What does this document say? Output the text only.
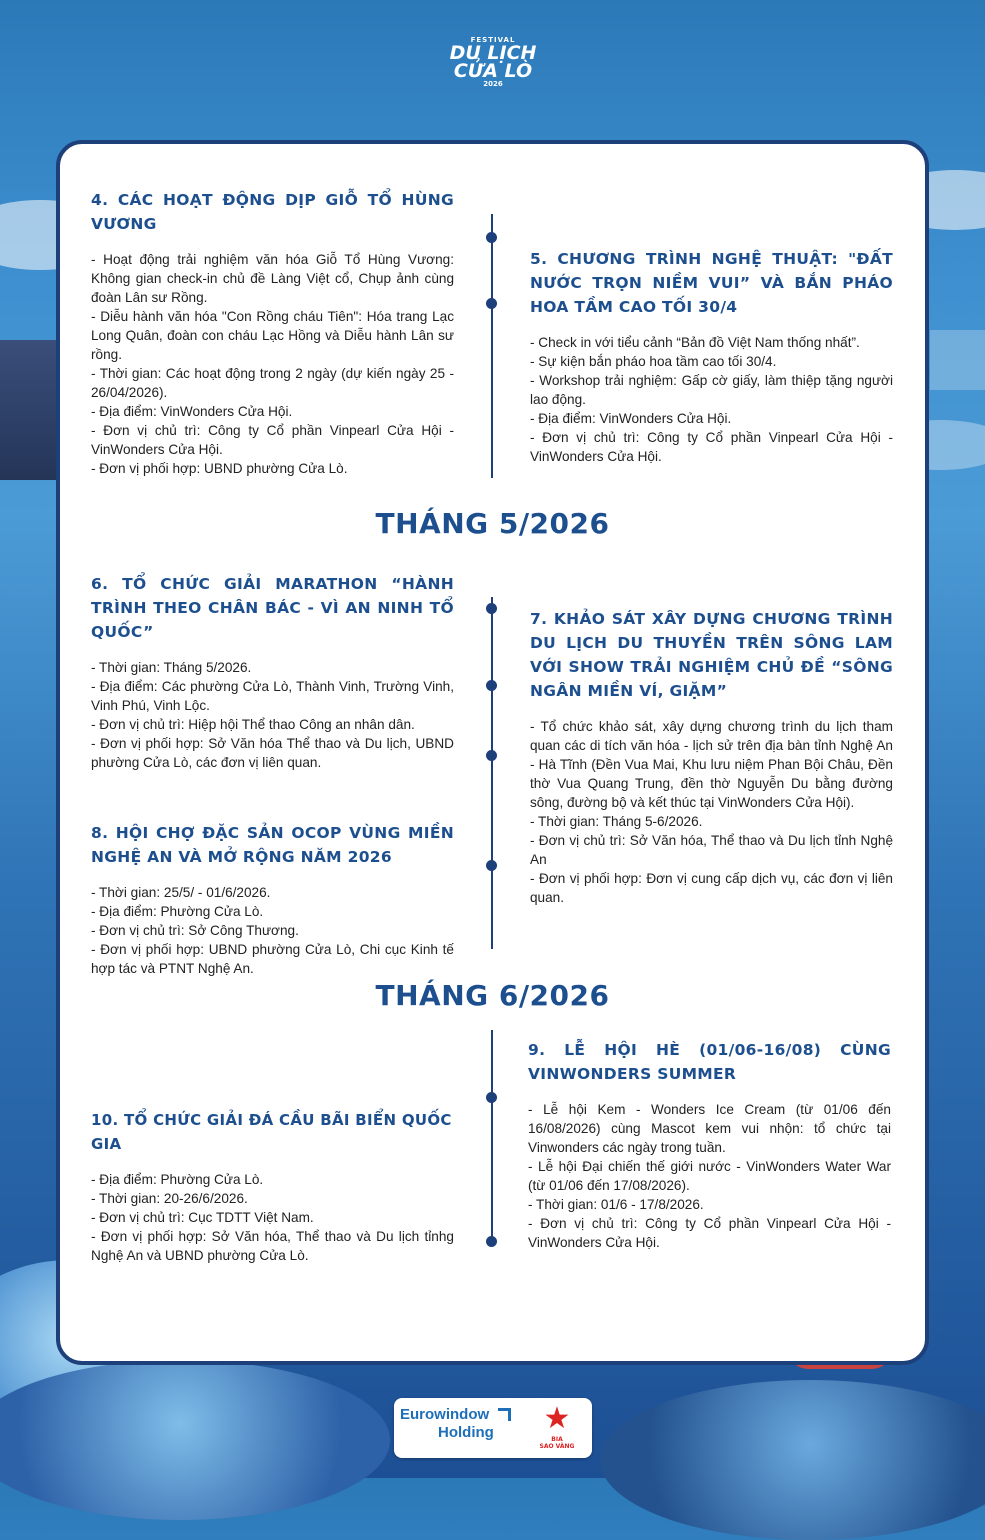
FESTIVAL
DU LỊCH
CỬA LÒ
2026
4. CÁC HOẠT ĐỘNG DỊP GIỖ TỔ HÙNG VƯƠNG
- Hoạt động trải nghiệm văn hóa Giỗ Tổ Hùng Vương: Không gian check-in chủ đề Làng Việt cổ, Chụp ảnh cùng đoàn Lân sư Rồng.
- Diễu hành văn hóa "Con Rồng cháu Tiên": Hóa trang Lạc Long Quân, đoàn con cháu Lạc Hồng và Diễu hành Lân sư rồng.
- Thời gian: Các hoạt động trong 2 ngày (dự kiến ngày 25 - 26/04/2026).
- Địa điểm: VinWonders Cửa Hội.
- Đơn vị chủ trì: Công ty Cổ phần Vinpearl Cửa Hội - VinWonders Cửa Hội.
- Đơn vị phối hợp: UBND phường Cửa Lò.
5. CHƯƠNG TRÌNH NGHỆ THUẬT: "ĐẤT NƯỚC TRỌN NIỀM VUI” VÀ BẮN PHÁO HOA TẦM CAO TỐI 30/4
- Check in với tiểu cảnh “Bản đồ Việt Nam thống nhất”.
- Sự kiện bắn pháo hoa tầm cao tối 30/4.
- Workshop trải nghiệm: Gấp cờ giấy, làm thiệp tặng người lao động.
- Địa điểm: VinWonders Cửa Hội.
- Đơn vị chủ trì: Công ty Cổ phần Vinpearl Cửa Hội - VinWonders Cửa Hội.
THÁNG 5/2026
6. TỔ CHỨC GIẢI MARATHON “HÀNH TRÌNH THEO CHÂN BÁC - VÌ AN NINH TỔ QUỐC”
- Thời gian: Tháng 5/2026.
- Địa điểm: Các phường Cửa Lò, Thành Vinh, Trường Vinh, Vinh Phú, Vinh Lộc.
- Đơn vị chủ trì: Hiệp hội Thể thao Công an nhân dân.
- Đơn vị phối hợp: Sở Văn hóa Thể thao và Du lịch, UBND phường Cửa Lò, các đơn vị liên quan.
7. KHẢO SÁT XÂY DỰNG CHƯƠNG TRÌNH DU LỊCH DU THUYỀN TRÊN SÔNG LAM VỚI SHOW TRẢI NGHIỆM CHỦ ĐỀ “SÔNG NGÂN MIỀN VÍ, GIẶM”
- Tổ chức khảo sát, xây dựng chương trình du lịch tham quan các di tích văn hóa - lịch sử trên địa bàn tỉnh Nghệ An - Hà Tĩnh (Đền Vua Mai, Khu lưu niệm Phan Bội Châu, Đền thờ Vua Quang Trung, đền thờ Nguyễn Du bằng đường sông, đường bộ và kết thúc tại VinWonders Cửa Hội).
- Thời gian: Tháng 5-6/2026.
- Đơn vị chủ trì: Sở Văn hóa, Thể thao và Du lịch tỉnh Nghệ An
- Đơn vị phối hợp: Đơn vị cung cấp dịch vụ, các đơn vị liên quan.
8. HỘI CHỢ ĐẶC SẢN OCOP VÙNG MIỀN NGHỆ AN VÀ MỞ RỘNG NĂM 2026
- Thời gian: 25/5/ - 01/6/2026.
- Địa điểm: Phường Cửa Lò.
- Đơn vị chủ trì: Sở Công Thương.
- Đơn vị phối hợp: UBND phường Cửa Lò, Chi cục Kinh tế hợp tác và PTNT Nghệ An.
THÁNG 6/2026
9. LỄ HỘI HÈ (01/06-16/08) CÙNG VINWONDERS SUMMER
- Lễ hội Kem - Wonders Ice Cream (từ 01/06 đến 16/08/2026) cùng Mascot kem vui nhộn: tổ chức tại Vinwonders các ngày trong tuần.
- Lễ hội Đại chiến thế giới nước - VinWonders Water War (từ 01/06 đến 17/08/2026).
- Thời gian: 01/6 - 17/8/2026.
- Đơn vị chủ trì: Công ty Cổ phần Vinpearl Cửa Hội - VinWonders Cửa Hội.
10. TỔ CHỨC GIẢI ĐÁ CẦU BÃI BIỂN QUỐC GIA
- Địa điểm: Phường Cửa Lò.
- Thời gian: 20-26/6/2026.
- Đơn vị chủ trì: Cục TDTT Việt Nam.
- Đơn vị phối hợp: Sở Văn hóa, Thể thao và Du lịch tỉnhg Nghệ An và UBND phường Cửa Lò.
Eurowindow
Holding	★
BIA
SAO VÀNG
